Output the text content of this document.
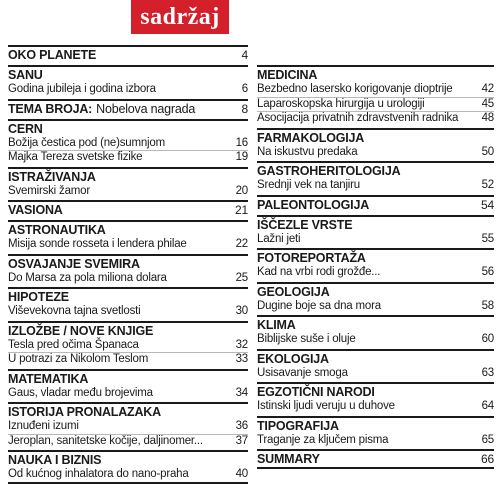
sadržaj
OKO PLANETE	4
SANU
Godina jubileja i godina izbora	6
TEMA BROJA: Nobelova nagrada	8
CERN
Božija čestica pod (ne)sumnjom	16
Majka Tereza svetske fizike	19
ISTRAŽIVANJA
Svemirski žamor	20
VASIONA	21
ASTRONAUTIKA
Misija sonde rosseta i lendera philae	22
OSVAJANJE SVEMIRA
Do Marsa za pola miliona dolara	25
HIPOTEZE
Viševekovna tajna svetlosti	30
IZLOŽBE / NOVE KNJIGE
Tesla pred očima Španaca	32
U potrazi za Nikolom Teslom	33
MATEMATIKA
Gaus, vladar među brojevima	34
ISTORIJA PRONALAZAKA
Iznuđeni izumi	36
Jeroplan, sanitetske kočije, daljinomer...	37
NAUKA I BIZNIS
Od kućnog inhalatora do nano-praha	40
MEDICINA
Bezbedno lasersko korigovanje dioptrije	42
Laparoskopska hirurgija u urologiji	45
Asocijacija privatnih zdravstvenih radnika 48
FARMAKOLOGIJA
Na iskustvu predaka	50
GASTROHERITOLOGIJA
Srednji vek na tanjiru	52
PALEONTOLOGIJA	54
IŠČEZLE VRSTE
Lažni jeti	55
FOTOREPORTAŽA
Kad na vrbi rodi grožđe...	56
GEOLOGIJA
Dugine boje sa dna mora	58
KLIMA
Biblijske suše i oluje	60
EKOLOGIJA
Usisavanje smoga	63
EGZOTIČNI NARODI
Istinski ljudi veruju u duhove	64
TIPOGRAFIJA
Traganje za ključem pisma	65
SUMMARY	66
